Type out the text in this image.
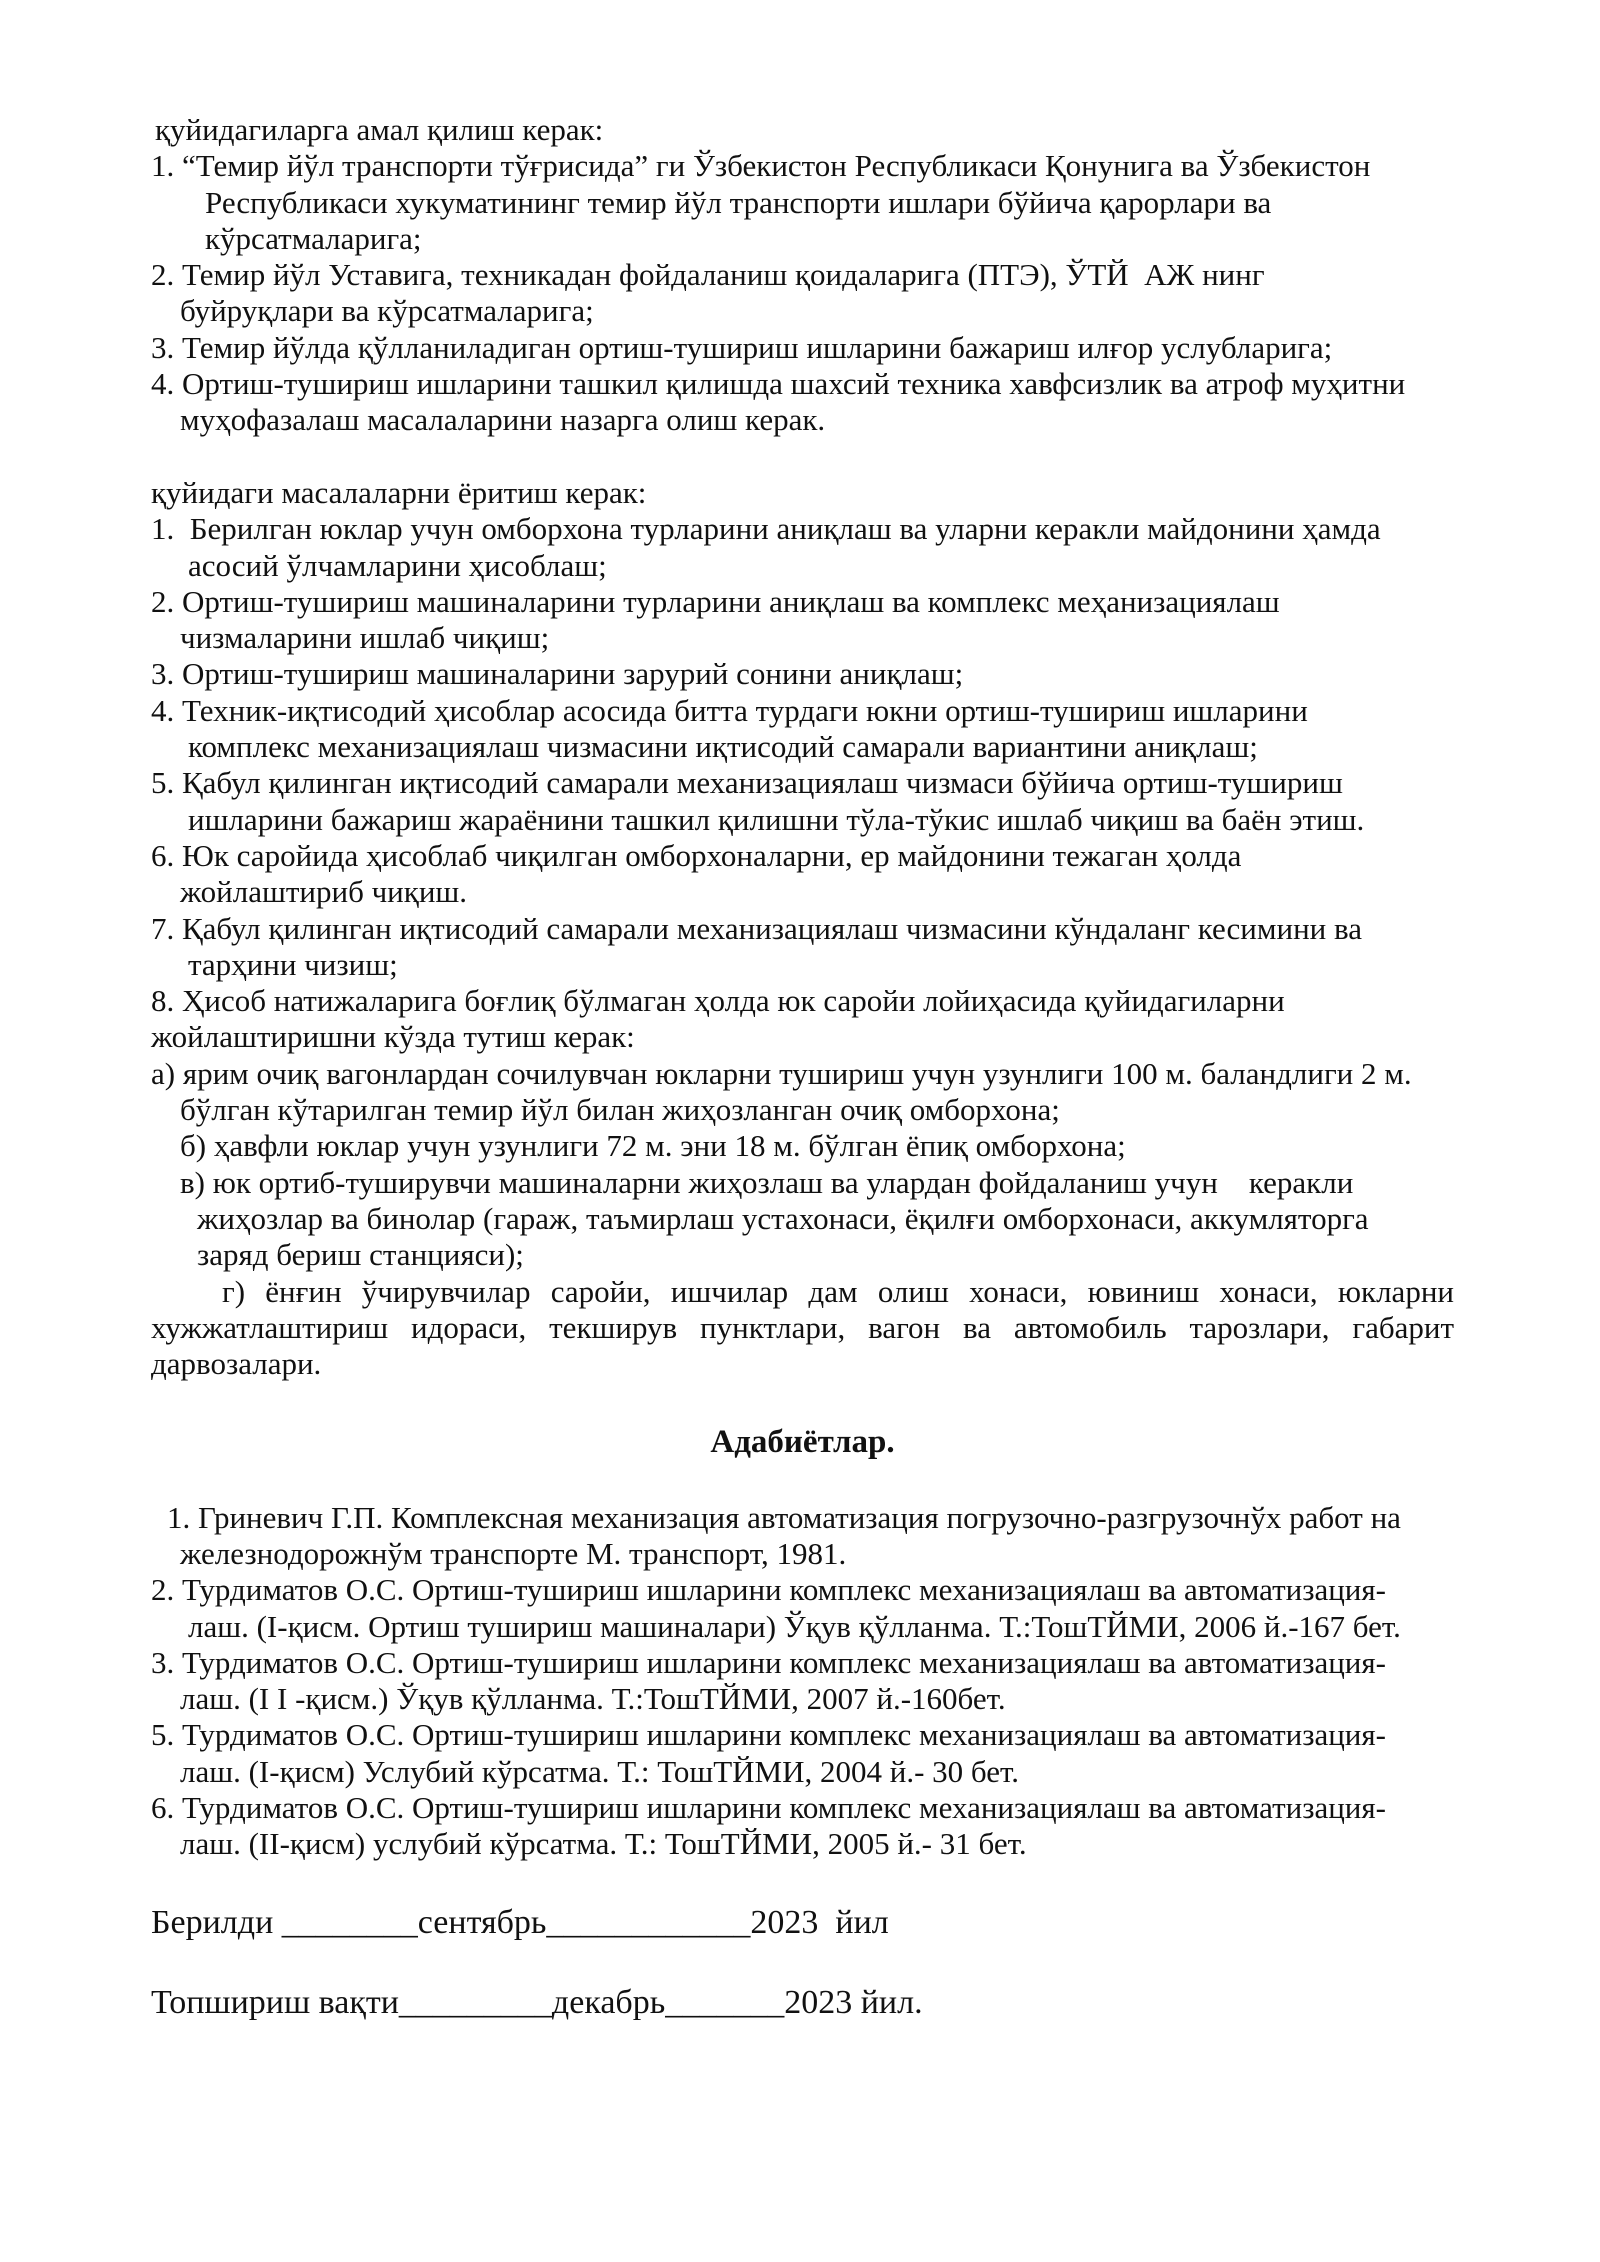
қуйидагиларга амал қилиш керак:
1. “Темир йўл транспорти тўғрисида” ги Ўзбекистон Республикаси Қонунига ва Ўзбекистон
Республикаси хукуматининг темир йўл транспорти ишлари бўйича қарорлари ва
кўрсатмаларига;
2. Темир йўл Уставига, техникадан фойдаланиш қоидаларига (ПТЭ), ЎТЙ  АЖ нинг
буйруқлари ва кўрсатмаларига;
3. Темир йўлда қўлланиладиган ортиш-тушириш ишларини бажариш илғор услубларига;
4. Ортиш-тушириш ишларини ташкил қилишда шахсий техника хавфсизлик ва атроф муҳитни
муҳофазалаш масалаларини назарга олиш керак.
қуйидаги масалаларни ёритиш керак:
1.  Берилган юклар учун омборхона турларини аниқлаш ва уларни керакли майдонини ҳамда
асосий ўлчамларини ҳисоблаш;
2. Ортиш-тушириш машиналарини турларини аниқлаш ва комплекс меҳанизациялаш
чизмаларини ишлаб чиқиш;
3. Ортиш-тушириш машиналарини зарурий сонини аниқлаш;
4. Техник-иқтисодий ҳисоблар асосида битта турдаги юкни ортиш-тушириш ишларини
комплекс механизациялаш чизмасини иқтисодий самарали вариантини аниқлаш;
5. Қабул қилинган иқтисодий самарали механизациялаш чизмаси бўйича ортиш-тушириш
ишларини бажариш жараёнини ташкил қилишни тўла-тўкис ишлаб чиқиш ва баён этиш.
6. Юк саройида ҳисоблаб чиқилган омборхоналарни, ер майдонини тежаган ҳолда
жойлаштириб чиқиш.
7. Қабул қилинган иқтисодий самарали механизациялаш чизмасини кўндаланг кесимини ва
тарҳини чизиш;
8. Ҳисоб натижаларига боғлиқ бўлмаган ҳолда юк саройи лойиҳасида қуйидагиларни
жойлаштиришни кўзда тутиш керак:
а) ярим очиқ вагонлардан сочилувчан юкларни тушириш учун узунлиги 100 м. баландлиги 2 м.
бўлган кўтарилган темир йўл билан жиҳозланган очиқ омборхона;
б) ҳавфли юклар учун узунлиги 72 м. эни 18 м. бўлган ёпиқ омборхона;
в) юк ортиб-туширувчи машиналарни жиҳозлаш ва улардан фойдаланиш учун    керакли
жиҳозлар ва бинолар (гараж, таъмирлаш устахонаси, ёқилғи омборхонаси, аккумляторга
заряд бериш станцияси);
г) ёнғин ўчирувчилар саройи, ишчилар дам олиш хонаси, ювиниш хонаси, юкларни
хужжатлаштириш идораси, текширув пунктлари, вагон ва автомобиль тарозлари, габарит
дарвозалари.
Адабиётлар.
1. Гриневич Г.П. Комплексная механизация автоматизация погрузочно-разгрузочнўх работ на
железнодорожнўм транспорте М. транспорт, 1981.
2. Турдиматов О.С. Ортиш-тушириш ишларини комплекс механизациялаш ва автоматизация-
лаш. (I-қисм. Ортиш тушириш машиналари) Ўқув қўлланма. Т.:ТошТЙМИ, 2006 й.-167 бет.
3. Турдиматов О.С. Ортиш-тушириш ишларини комплекс механизациялаш ва автоматизация-
лаш. (I I -қисм.) Ўқув қўлланма. Т.:ТошТЙМИ, 2007 й.-160бет.
5. Турдиматов О.С. Ортиш-тушириш ишларини комплекс механизациялаш ва автоматизация-
лаш. (I-қисм) Услубий кўрсатма. Т.: ТошТЙМИ, 2004 й.- 30 бет.
6. Турдиматов О.С. Ортиш-тушириш ишларини комплекс механизациялаш ва автоматизация-
лаш. (II-қисм) услубий кўрсатма. Т.: ТошТЙМИ, 2005 й.- 31 бет.
Берилди ________сентябрь____________2023  йил
Топшириш вақти_________декабрь_______2023 йил.
